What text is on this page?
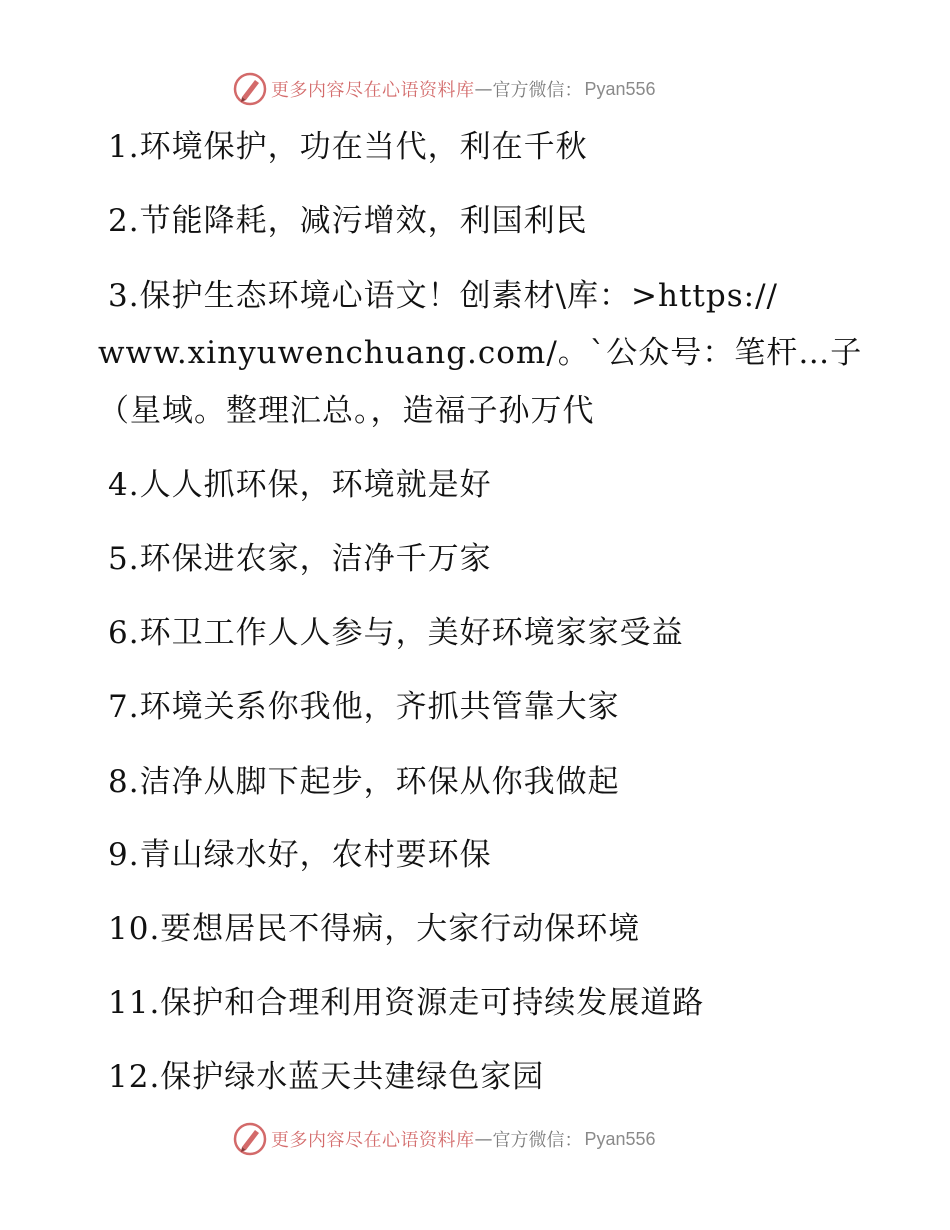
更多内容尽在心语资料库 — 官方微信： Pyan556
1.环境保护，功在当代，利在千秋
2.节能降耗，减污增效，利国利民
3.保护生态环境心语文！创素材\库：>https://
www.xinyuwenchuang.com/。`公众号：笔杆…子
（星域。整理汇总。，造福子孙万代
4.人人抓环保，环境就是好
5.环保进农家，洁净千万家
6.环卫工作人人参与，美好环境家家受益
7.环境关系你我他，齐抓共管靠大家
8.洁净从脚下起步，环保从你我做起
9.青山绿水好，农村要环保
10.要想居民不得病，大家行动保环境
11.保护和合理利用资源走可持续发展道路
12.保护绿水蓝天共建绿色家园
更多内容尽在心语资料库 — 官方微信： Pyan556
